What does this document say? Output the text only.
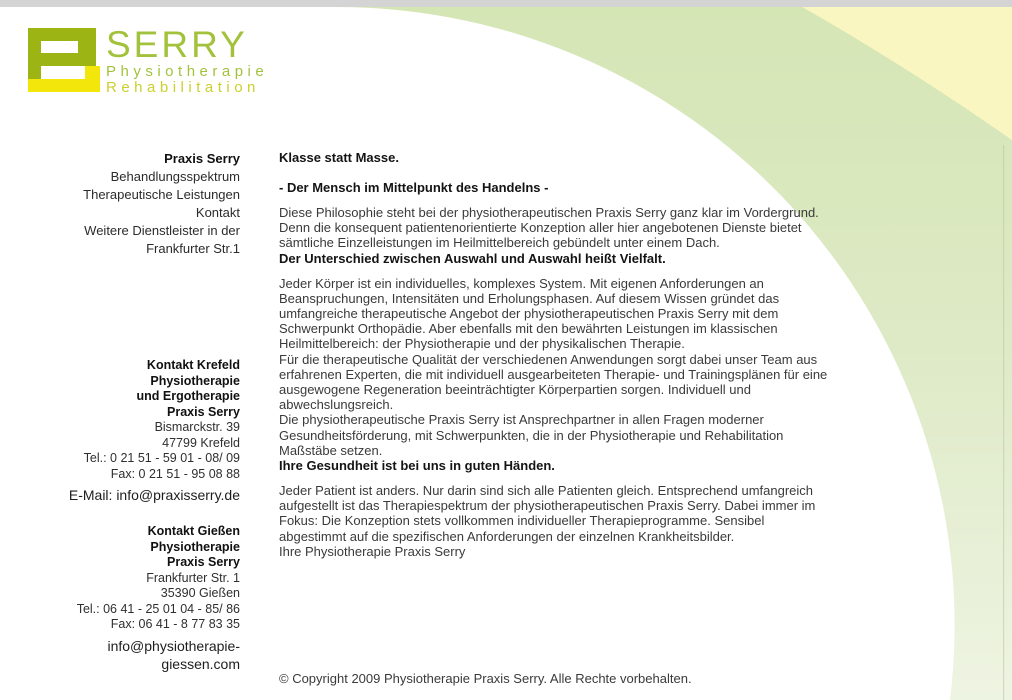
SERRY
Physiotherapie
Rehabilitation
Praxis Serry
Behandlungsspektrum
Therapeutische Leistungen
Kontakt
Weitere Dienstleister in der Frankfurter Str.1
Kontakt Krefeld
Physiotherapie
und Ergotherapie
Praxis Serry
Bismarckstr. 39
47799 Krefeld
Tel.: 0 21 51 - 59 01 - 08/ 09
Fax: 0 21 51 - 95 08 88
E-Mail: info@praxisserry.de
Kontakt Gießen
Physiotherapie
Praxis Serry
Frankfurter Str. 1
35390 Gießen
Tel.: 06 41 - 25 01 04 - 85/ 86
Fax: 06 41 - 8 77 83 35
info@physiotherapie-giessen.com
Klasse statt Masse.
- Der Mensch im Mittelpunkt des Handelns -

Diese Philosophie steht bei der physiotherapeutischen Praxis Serry ganz klar im Vordergrund. Denn die konsequent patientenorientierte Konzeption aller hier angebotenen Dienste bietet sämtliche Einzelleistungen im Heilmittelbereich gebündelt unter einem Dach.

Der Unterschied zwischen Auswahl und Auswahl heißt Vielfalt.

Jeder Körper ist ein individuelles, komplexes System. Mit eigenen Anforderungen an Beanspruchungen, Intensitäten und Erholungsphasen. Auf diesem Wissen gründet das umfangreiche therapeutische Angebot der physiotherapeutischen Praxis Serry mit dem Schwerpunkt Orthopädie. Aber ebenfalls mit den bewährten Leistungen im klassischen Heilmittelbereich: der Physiotherapie und der physikalischen Therapie.

Für die therapeutische Qualität der verschiedenen Anwendungen sorgt dabei unser Team aus erfahrenen Experten, die mit individuell ausgearbeiteten Therapie- und Trainingsplänen für eine ausgewogene Regeneration beeinträchtigter Körperpartien sorgen. Individuell und abwechslungsreich.

Die physiotherapeutische Praxis Serry ist Ansprechpartner in allen Fragen moderner Gesundheitsförderung, mit Schwerpunkten, die in der Physiotherapie und Rehabilitation Maßstäbe setzen.

Ihre Gesundheit ist bei uns in guten Händen.

Jeder Patient ist anders. Nur darin sind sich alle Patienten gleich. Entsprechend umfangreich aufgestellt ist das Therapiespektrum der physiotherapeutischen Praxis Serry. Dabei immer im Fokus: Die Konzeption stets vollkommen individueller Therapieprogramme. Sensibel abgestimmt auf die spezifischen Anforderungen der einzelnen Krankheitsbilder.

Ihre Physiotherapie Praxis Serry

© Copyright 2009 Physiotherapie Praxis Serry. Alle Rechte vorbehalten.
